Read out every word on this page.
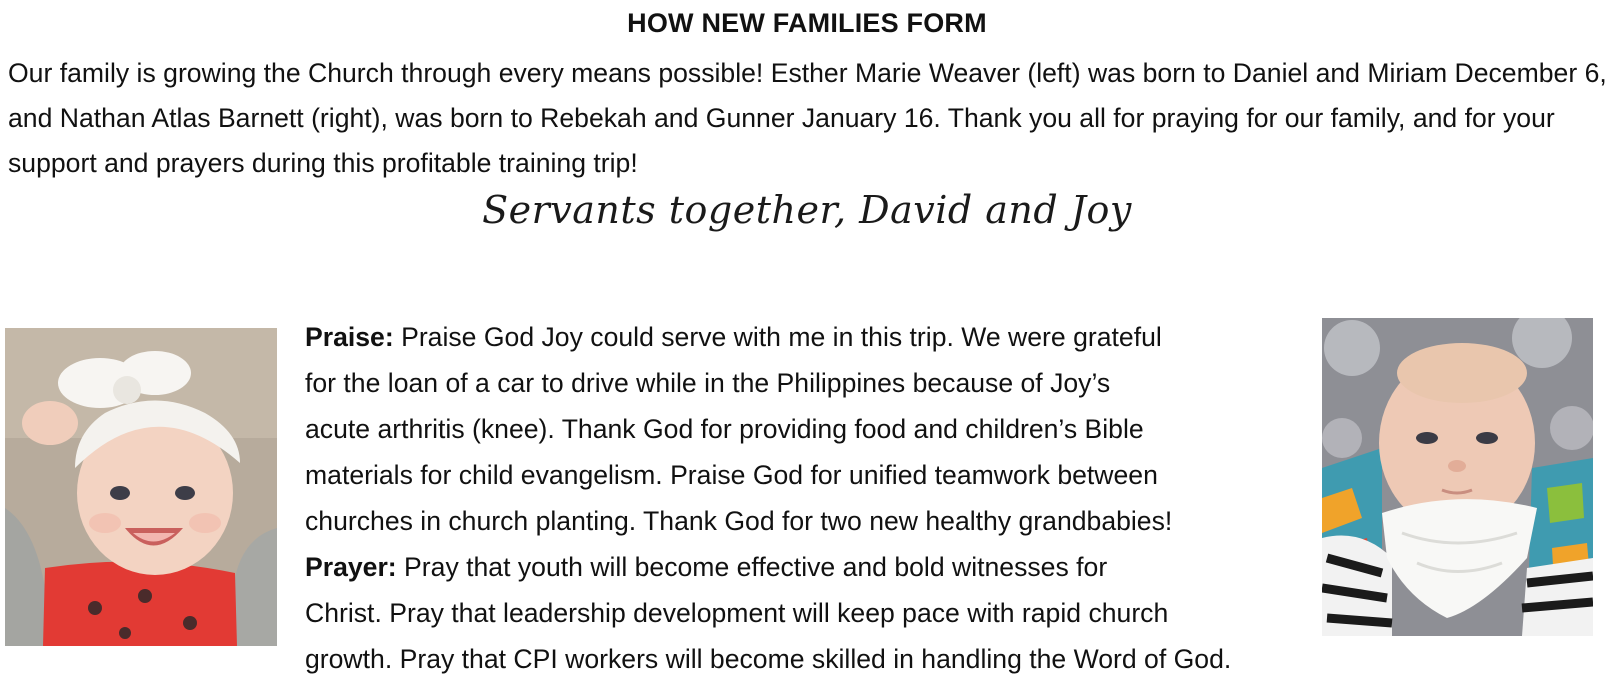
HOW NEW FAMILIES FORM
Our family is growing the Church through every means possible! Esther Marie Weaver (left) was born to Daniel and Miriam December 6, and Nathan Atlas Barnett (right), was born to Rebekah and Gunner January 16. Thank you all for praying for our family, and for your support and prayers during this profitable training trip!
Servants together, David and Joy
Praise: Praise God Joy could serve with me in this trip. We were grateful
for the loan of a car to drive while in the Philippines because of Joy’s
acute arthritis (knee). Thank God for providing food and children’s Bible
materials for child evangelism. Praise God for unified teamwork between
churches in church planting. Thank God for two new healthy grandbabies!
Prayer: Pray that youth will become effective and bold witnesses for
Christ. Pray that leadership development will keep pace with rapid church
growth. Pray that CPI workers will become skilled in handling the Word of God.
